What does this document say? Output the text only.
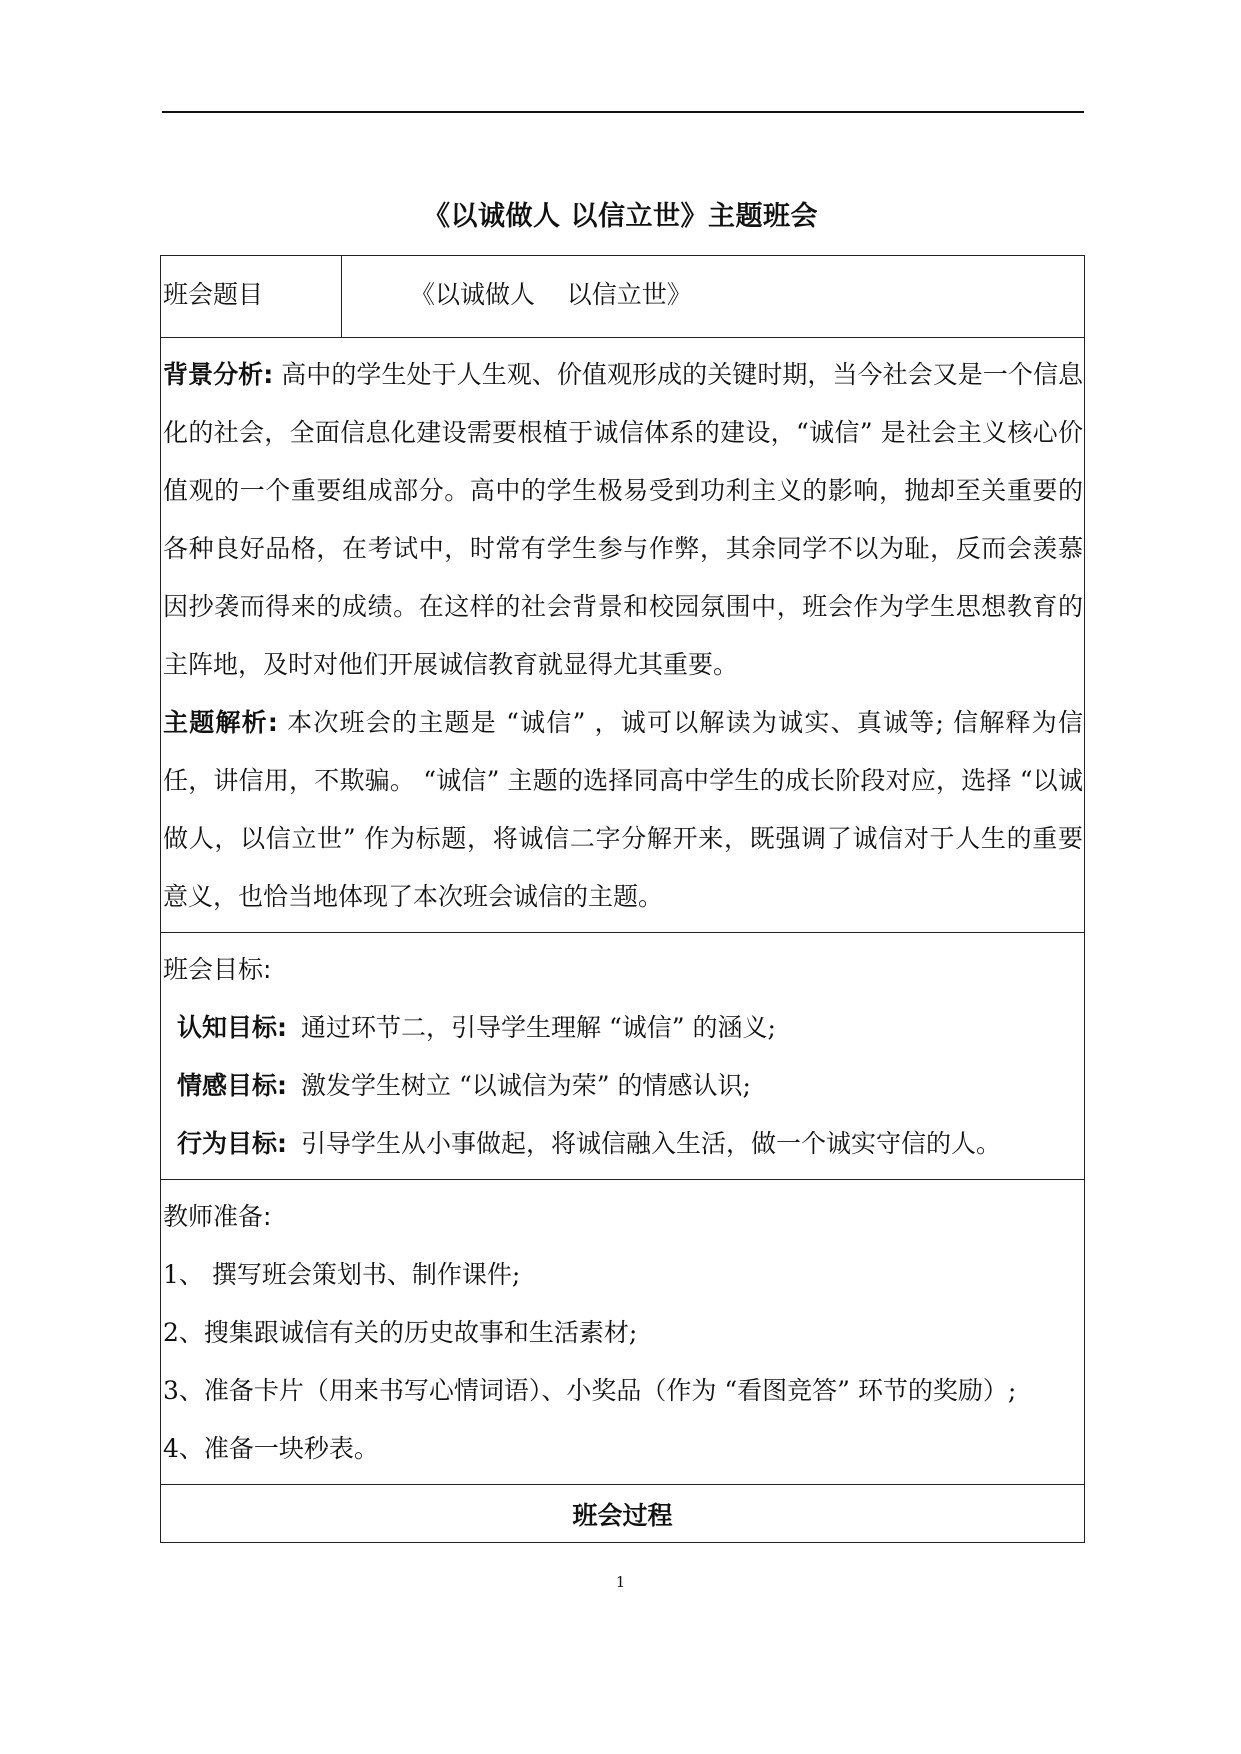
《以诚做人 以信立世》主题班会
班会题目	《以诚做人    以信立世》

背景分析: 高中的学生处于人生观、价值观形成的关键时期，当今社会又是一个信息化的社会，全面信息化建设需要根植于诚信体系的建设，“诚信” 是社会主义核心价值观的一个重要组成部分。高中的学生极易受到功利主义的影响，抛却至关重要的各种良好品格，在考试中，时常有学生参与作弊，其余同学不以为耻，反而会羡慕因抄袭而得来的成绩。在这样的社会背景和校园氛围中，班会作为学生思想教育的主阵地，及时对他们开展诚信教育就显得尤其重要。

主题解析: 本次班会的主题是 “诚信” ，诚可以解读为诚实、真诚等; 信解释为信任，讲信用，不欺骗。 “诚信” 主题的选择同高中学生的成长阶段对应，选择 “以诚做人，以信立世” 作为标题，将诚信二字分解开来，既强调了诚信对于人生的重要意义，也恰当地体现了本次班会诚信的主题。

班会目标:
认知目标: 通过环节二，引导学生理解 “诚信” 的涵义;
情感目标: 激发学生树立 “以诚信为荣” 的情感认识;
行为目标: 引导学生从小事做起，将诚信融入生活，做一个诚实守信的人。

教师准备:
1、 撰写班会策划书、制作课件;
2、搜集跟诚信有关的历史故事和生活素材;
3、准备卡片（用来书写心情词语）、小奖品（作为 “看图竞答” 环节的奖励）;
4、准备一块秒表。

班会过程
1
